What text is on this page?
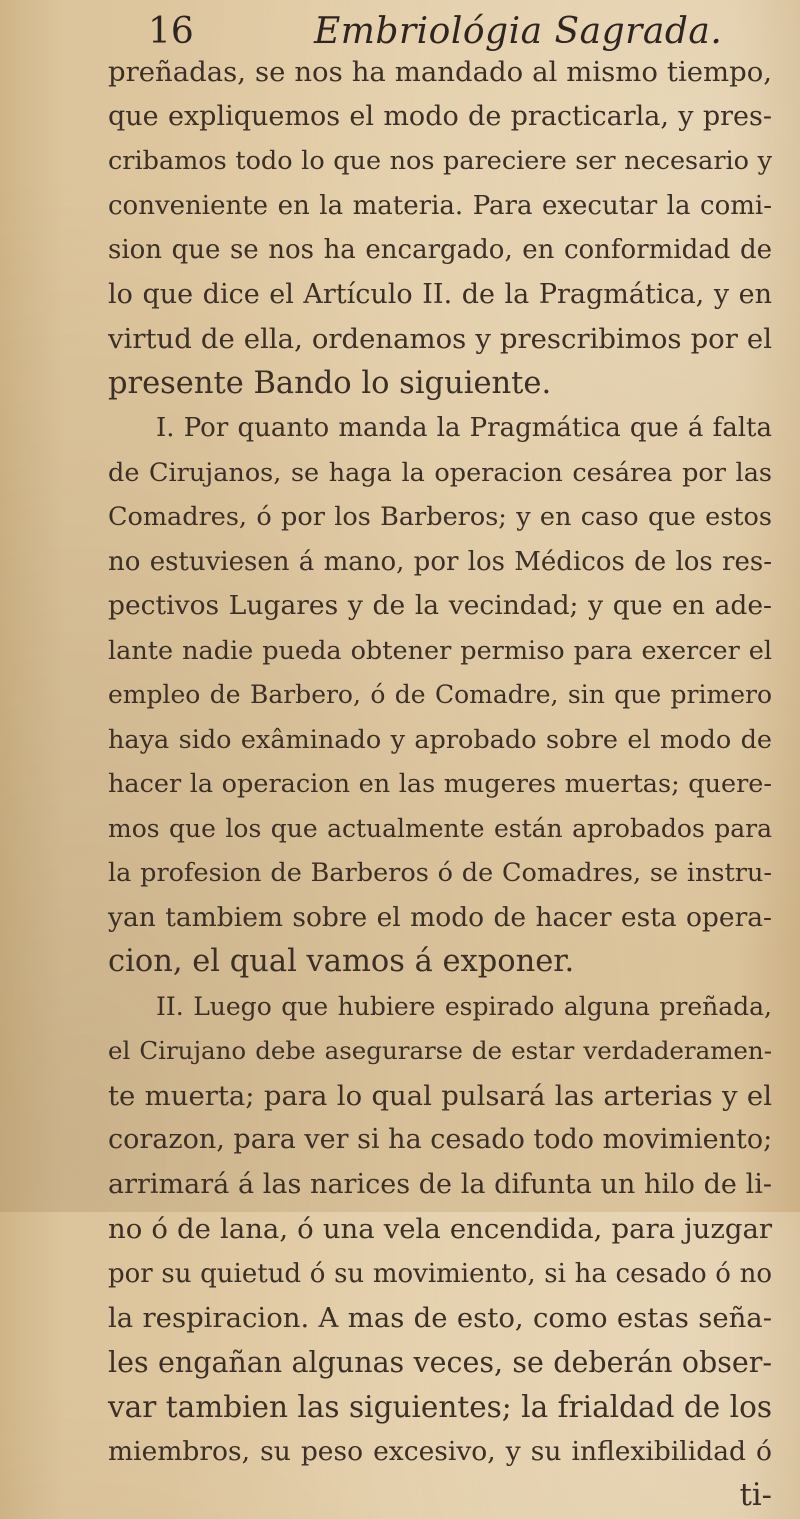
16	Embriológia Sagrada.
preñadas, se nos ha mandado al mismo tiempo,
que expliquemos el modo de practicarla, y pres-
cribamos todo lo que nos pareciere ser necesario y
conveniente en la materia. Para executar la comi-
sion que se nos ha encargado, en conformidad de
lo que dice el Artículo II. de la Pragmática, y en
virtud de ella, ordenamos y prescribimos por el
presente Bando lo siguiente.
I. Por quanto manda la Pragmática que á falta
de Cirujanos, se haga la operacion cesárea por las
Comadres, ó por los Barberos; y en caso que estos
no estuviesen á mano, por los Médicos de los res-
pectivos Lugares y de la vecindad; y que en ade-
lante nadie pueda obtener permiso para exercer el
empleo de Barbero, ó de Comadre, sin que primero
haya sido exâminado y aprobado sobre el modo de
hacer la operacion en las mugeres muertas; quere-
mos que los que actualmente están aprobados para
la profesion de Barberos ó de Comadres, se instru-
yan tambiem sobre el modo de hacer esta opera-
cion, el qual vamos á exponer.
II. Luego que hubiere espirado alguna preñada,
el Cirujano debe asegurarse de estar verdaderamen-
te muerta; para lo qual pulsará las arterias y el
corazon, para ver si ha cesado todo movimiento;
arrimará á las narices de la difunta un hilo de li-
no ó de lana, ó una vela encendida, para juzgar
por su quietud ó su movimiento, si ha cesado ó no
la respiracion. A mas de esto, como estas seña-
les engañan algunas veces, se deberán obser-
var tambien las siguientes; la frialdad de los
miembros, su peso excesivo, y su inflexibilidad ó
ti-
